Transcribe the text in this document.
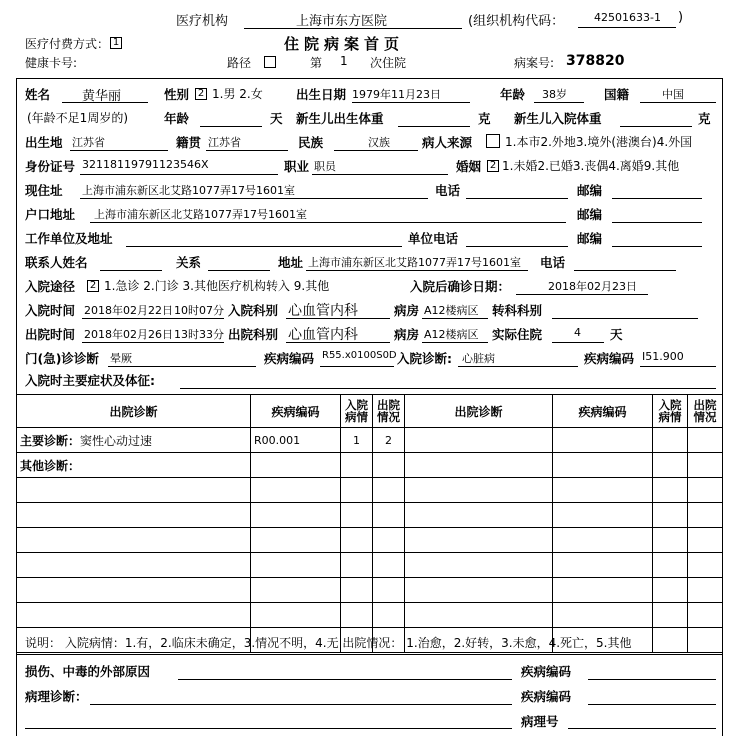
医疗机构	上海市东方医院	(组织机构代码：	42501633-1 )
医疗付费方式： 1	住院病案首页
健康卡号:	路径	第 1 次住院	病案号: 378820
姓名 黄华丽	性别 2 1.男 2.女	出生日期 1979年11月23日	年龄 38岁	国籍	中国
(年龄不足1周岁的)	年龄	天 新生儿出生体重	克 新生儿入院体重	克
出生地 江苏省	籍贯 江苏省	民族	汉族	病人来源	1.本市2.外地3.境外(港澳台)4.外国
身份证号 32118119791123546X	职业 职员	婚姻 2 1.未婚2.已婚3.丧偶4.离婚9.其他
现住址 上海市浦东新区北艾路1077弄17号1601室	电话	邮编
户口地址 上海市浦东新区北艾路1077弄17号1601室	邮编
工作单位及地址	单位电话	邮编
联系人姓名	关系	地址 上海市浦东新区北艾路1077弄17号1601室 电话
入院途径 2 1.急诊 2.门诊 3.其他医疗机构转入 9.其他	入院后确诊日期：	2018年02月23日
入院时间 2018年02月22日 10时07分 入院科别 心血管内科	病房 A12楼病区 转科科别
出院时间 2018年02月26日 13时33分 出院科别 心血管内科	病房 A12楼病区 实际住院	4 天
门(急)诊诊断 晕厥	疾病编码 R55.x0100S0D 入院诊断: 心脏病	疾病编码 I51.900
入院时主要症状及体征:
出院诊断	疾病编码	入院病情	出院情况	出院诊断	疾病编码	入院病情	出院情况
主要诊断：窦性心动过速	R00.001	1	2				
其他诊断：							

说明： 入院病情：1.有，2.临床未确定，3.情况不明，4.无 出院情况： 1.治愈，2.好转，3.未愈，4.死亡，5.其他
损伤、中毒的外部原因	疾病编码
病理诊断：	疾病编码
病理号
